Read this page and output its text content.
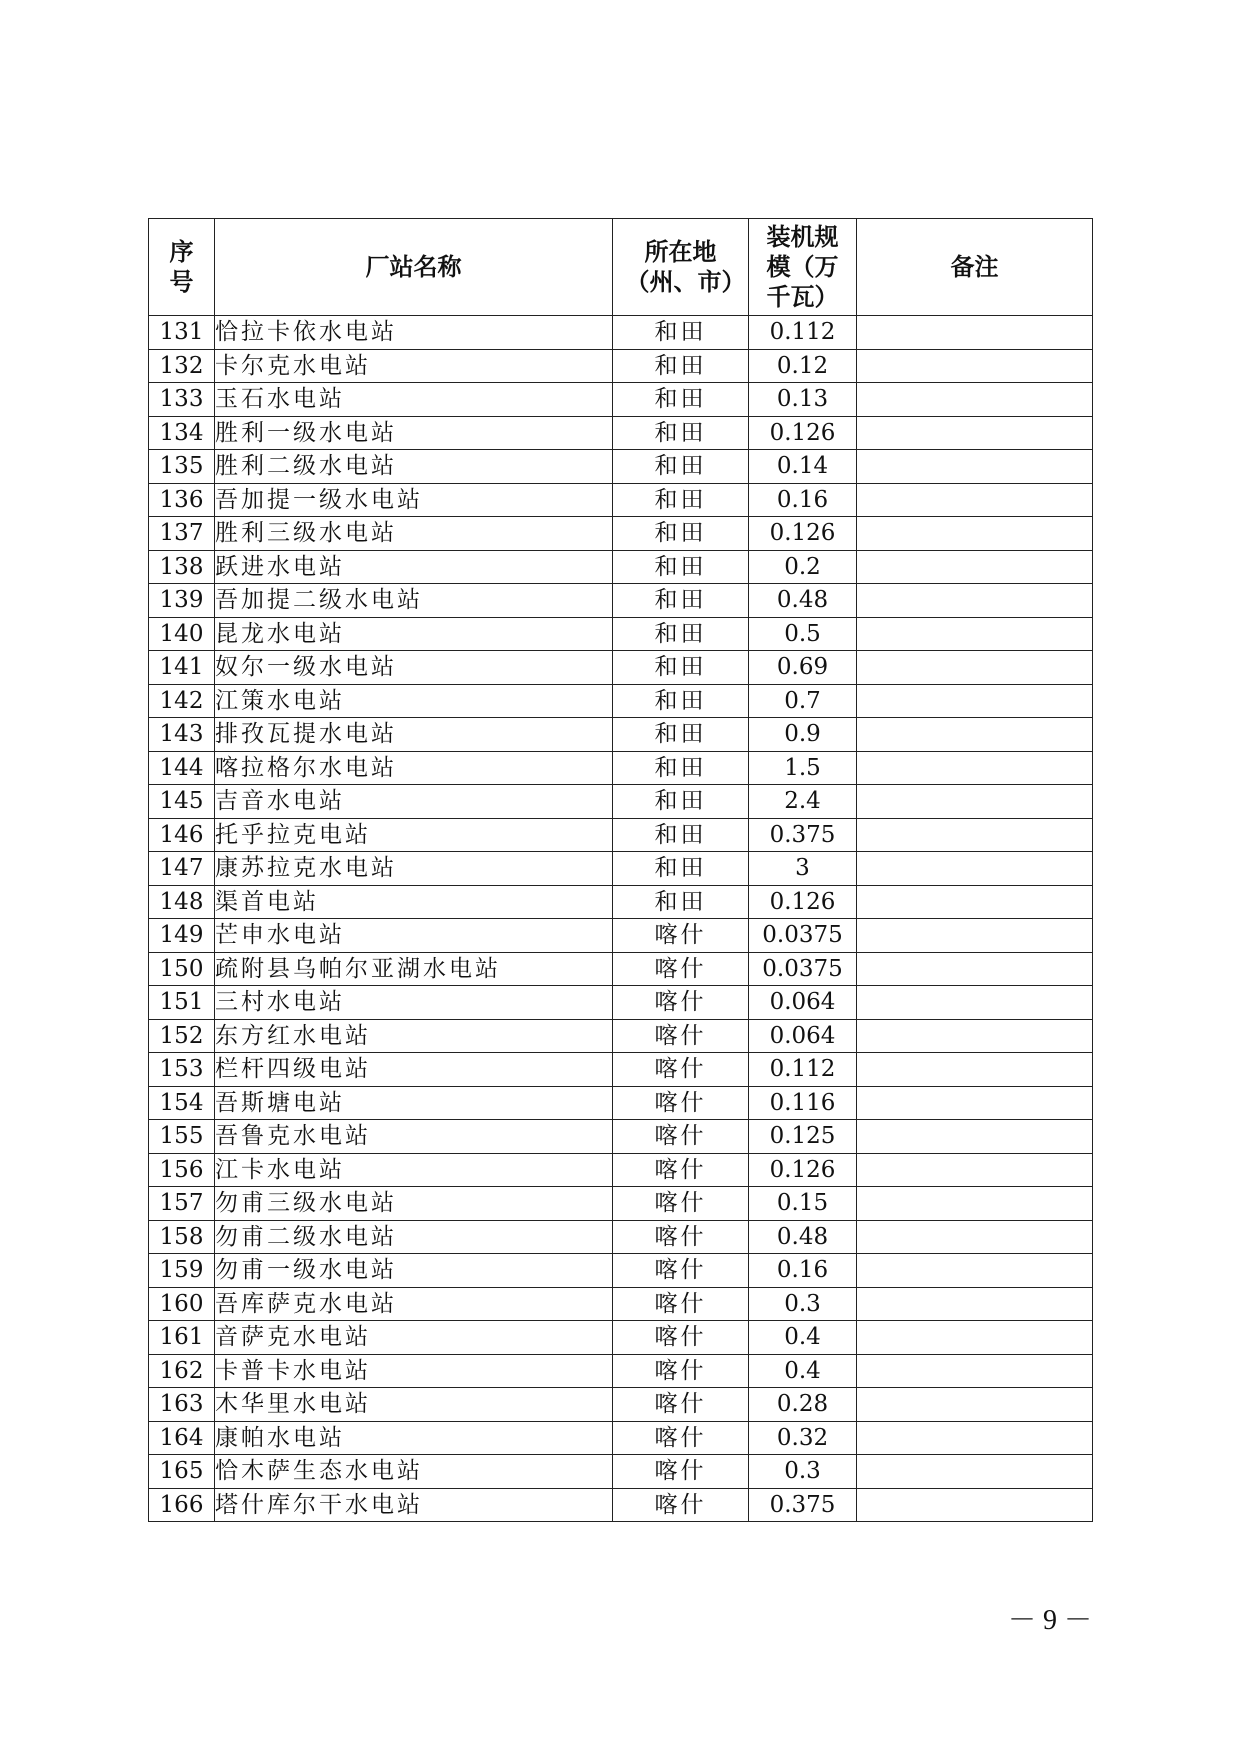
序号	厂站名称	所在地（州、市）	装机规模（万千瓦）	备注
131	恰拉卡依水电站	和田	0.112	
132	卡尔克水电站	和田	0.12	
133	玉石水电站	和田	0.13	
134	胜利一级水电站	和田	0.126	
135	胜利二级水电站	和田	0.14	
136	吾加提一级水电站	和田	0.16	
137	胜利三级水电站	和田	0.126	
138	跃进水电站	和田	0.2	
139	吾加提二级水电站	和田	0.48	
140	昆龙水电站	和田	0.5	
141	奴尔一级水电站	和田	0.69	
142	江策水电站	和田	0.7	
143	排孜瓦提水电站	和田	0.9	
144	喀拉格尔水电站	和田	1.5	
145	吉音水电站	和田	2.4	
146	托乎拉克电站	和田	0.375	
147	康苏拉克水电站	和田	3	
148	渠首电站	和田	0.126	
149	芒申水电站	喀什	0.0375	
150	疏附县乌帕尔亚湖水电站	喀什	0.0375	
151	三村水电站	喀什	0.064	
152	东方红水电站	喀什	0.064	
153	栏杆四级电站	喀什	0.112	
154	吾斯塘电站	喀什	0.116	
155	吾鲁克水电站	喀什	0.125	
156	江卡水电站	喀什	0.126	
157	勿甫三级水电站	喀什	0.15	
158	勿甫二级水电站	喀什	0.48	
159	勿甫一级水电站	喀什	0.16	
160	吾库萨克水电站	喀什	0.3	
161	音萨克水电站	喀什	0.4	
162	卡普卡水电站	喀什	0.4	
163	木华里水电站	喀什	0.28	
164	康帕水电站	喀什	0.32	
165	恰木萨生态水电站	喀什	0.3	
166	塔什库尔干水电站	喀什	0.375	
－ 9 －
